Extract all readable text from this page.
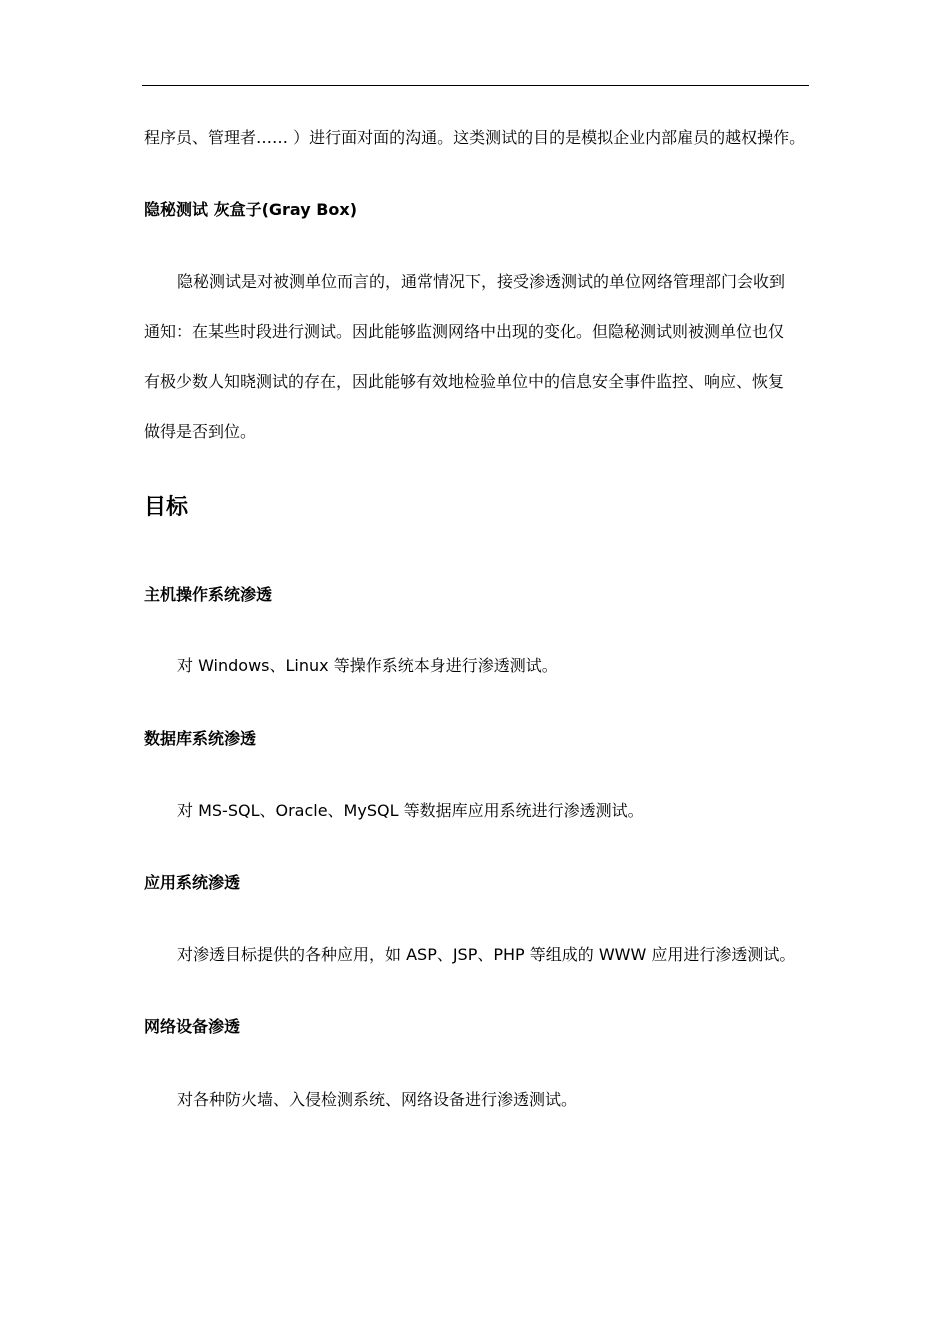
程序员、管理者…… ）进行面对面的沟通。这类测试的目的是模拟企业内部雇员的越权操作。
隐秘测试 灰盒子(Gray Box)
隐秘测试是对被测单位而言的，通常情况下，接受渗透测试的单位网络管理部门会收到
通知：在某些时段进行测试。因此能够监测网络中出现的变化。但隐秘测试则被测单位也仅
有极少数人知晓测试的存在，因此能够有效地检验单位中的信息安全事件监控、响应、恢复
做得是否到位。
目标
主机操作系统渗透
对 Windows、Linux 等操作系统本身进行渗透测试。
数据库系统渗透
对 MS-SQL、Oracle、MySQL 等数据库应用系统进行渗透测试。
应用系统渗透
对渗透目标提供的各种应用，如 ASP、JSP、PHP 等组成的 WWW 应用进行渗透测试。
网络设备渗透
对各种防火墙、入侵检测系统、网络设备进行渗透测试。
